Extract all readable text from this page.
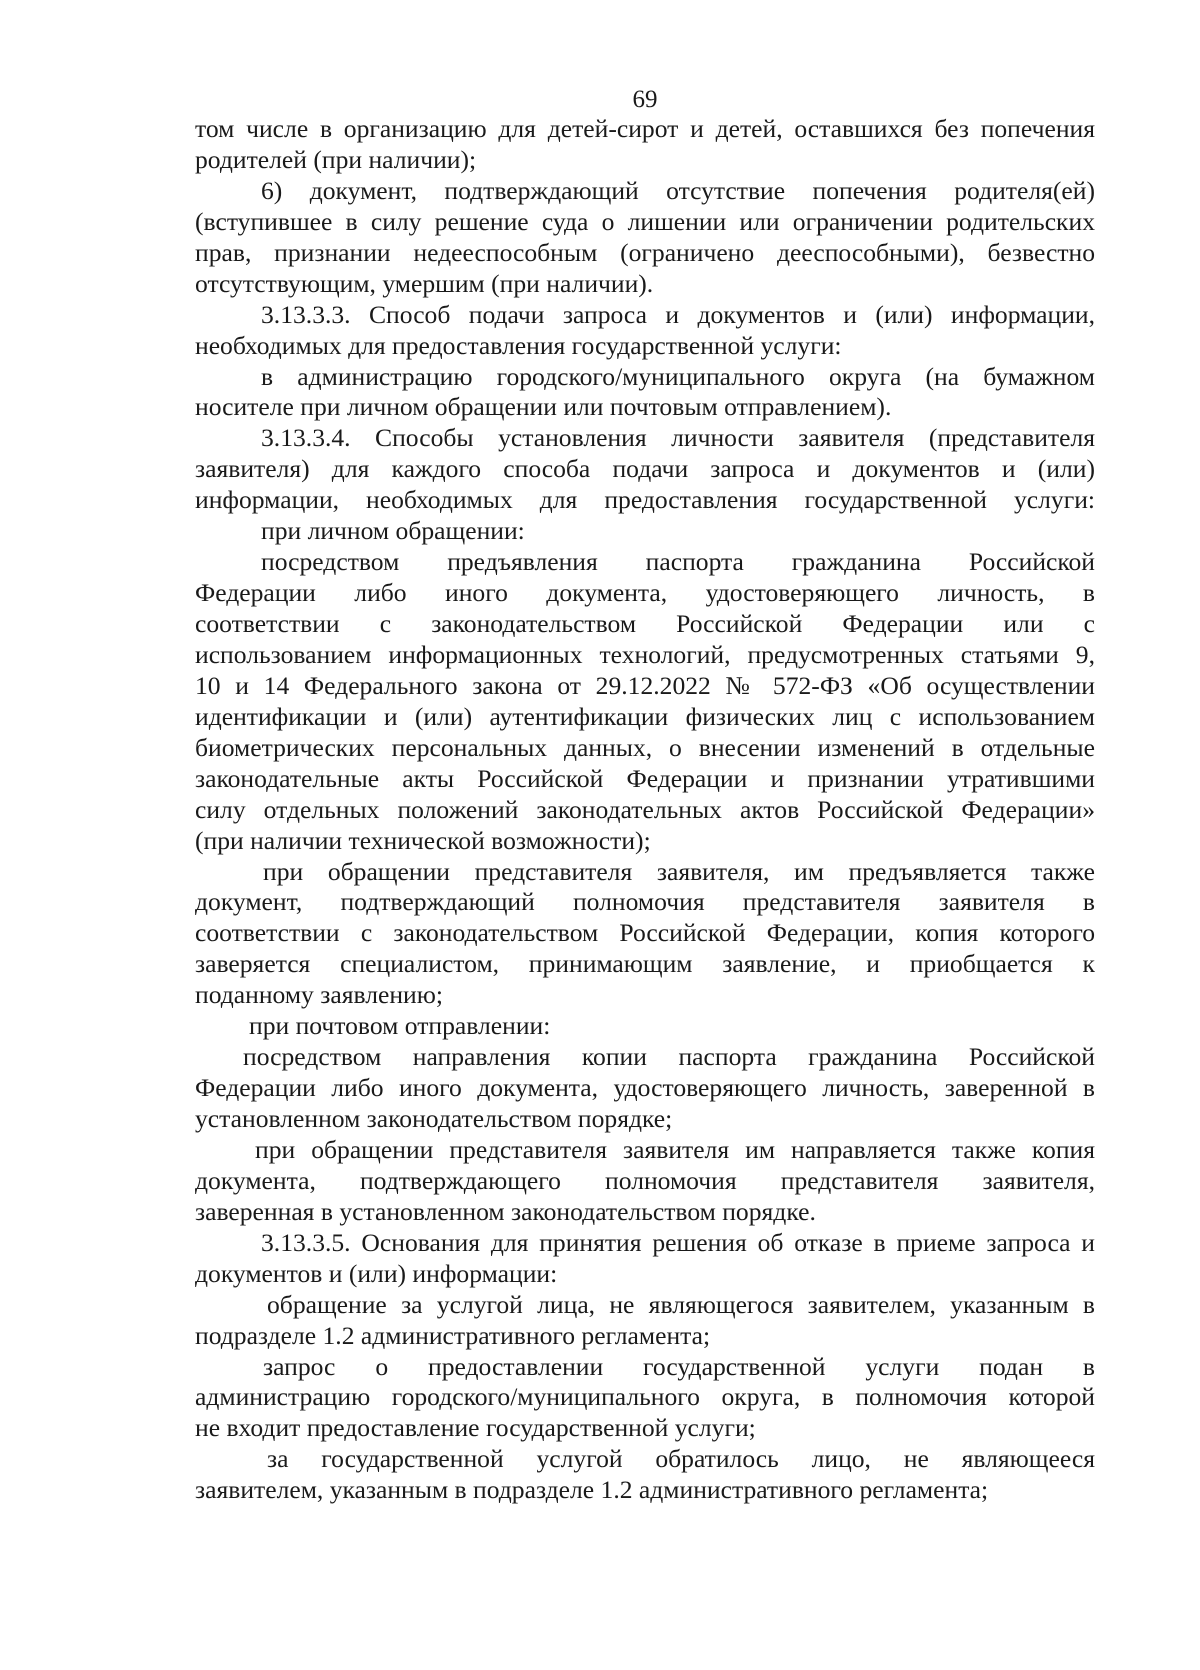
69
том числе в организацию для детей-сирот и детей, оставшихся без попечения
родителей (при наличии);
6) документ, подтверждающий отсутствие попечения родителя(ей)
(вступившее в силу решение суда о лишении или ограничении родительских
прав, признании недееспособным (ограничено дееспособными), безвестно
отсутствующим, умершим (при наличии).
3.13.3.3. Способ подачи запроса и документов и (или) информации,
необходимых для предоставления государственной услуги:
в администрацию городского/муниципального округа (на бумажном
носителе при личном обращении или почтовым отправлением).
3.13.3.4. Способы установления личности заявителя (представителя
заявителя) для каждого способа подачи запроса и документов и (или)
информации, необходимых для предоставления государственной услуги:
при личном обращении:
посредством предъявления паспорта гражданина Российской
Федерации либо иного документа, удостоверяющего личность, в
соответствии с законодательством Российской Федерации или с
использованием информационных технологий, предусмотренных статьями 9,
10 и 14 Федерального закона от 29.12.2022 № 572-ФЗ «Об осуществлении
идентификации и (или) аутентификации физических лиц с использованием
биометрических персональных данных, о внесении изменений в отдельные
законодательные акты Российской Федерации и признании утратившими
силу отдельных положений законодательных актов Российской Федерации»
(при наличии технической возможности);
при обращении представителя заявителя, им предъявляется также
документ, подтверждающий полномочия представителя заявителя в
соответствии с законодательством Российской Федерации, копия которого
заверяется специалистом, принимающим заявление, и приобщается к
поданному заявлению;
при почтовом отправлении:
посредством направления копии паспорта гражданина Российской
Федерации либо иного документа, удостоверяющего личность, заверенной в
установленном законодательством порядке;
при обращении представителя заявителя им направляется также копия
документа, подтверждающего полномочия представителя заявителя,
заверенная в установленном законодательством порядке.
3.13.3.5. Основания для принятия решения об отказе в приеме запроса и
документов и (или) информации:
обращение за услугой лица, не являющегося заявителем, указанным в
подразделе 1.2 административного регламента;
запрос о предоставлении государственной услуги подан в
администрацию городского/муниципального округа, в полномочия которой
не входит предоставление государственной услуги;
за государственной услугой обратилось лицо, не являющееся
заявителем, указанным в подразделе 1.2 административного регламента;
